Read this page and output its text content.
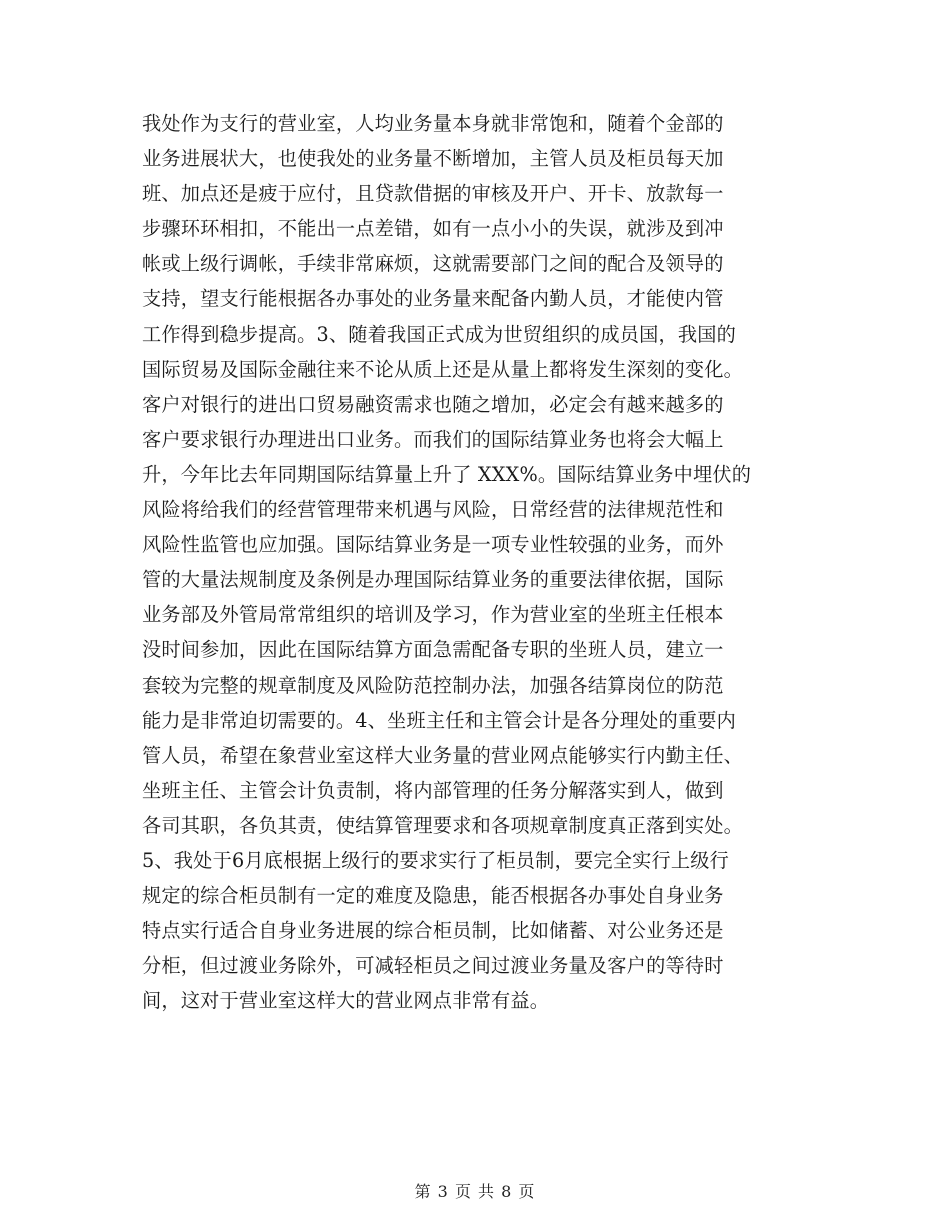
我处作为支行的营业室，人均业务量本身就非常饱和，随着个金部的
业务进展状大，也使我处的业务量不断增加，主管人员及柜员每天加
班、加点还是疲于应付，且贷款借据的审核及开户、开卡、放款每一
步骤环环相扣，不能出一点差错，如有一点小小的失误，就涉及到冲
帐或上级行调帐，手续非常麻烦，这就需要部门之间的配合及领导的
支持，望支行能根据各办事处的业务量来配备内勤人员，才能使内管
工作得到稳步提高。3、随着我国正式成为世贸组织的成员国，我国的
国际贸易及国际金融往来不论从质上还是从量上都将发生深刻的变化。
客户对银行的进出口贸易融资需求也随之增加，必定会有越来越多的
客户要求银行办理进出口业务。而我们的国际结算业务也将会大幅上
升，今年比去年同期国际结算量上升了 XXX%。国际结算业务中埋伏的
风险将给我们的经营管理带来机遇与风险，日常经营的法律规范性和
风险性监管也应加强。国际结算业务是一项专业性较强的业务，而外
管的大量法规制度及条例是办理国际结算业务的重要法律依据，国际
业务部及外管局常常组织的培训及学习，作为营业室的坐班主任根本
没时间参加，因此在国际结算方面急需配备专职的坐班人员，建立一
套较为完整的规章制度及风险防范控制办法，加强各结算岗位的防范
能力是非常迫切需要的。4、坐班主任和主管会计是各分理处的重要内
管人员，希望在象营业室这样大业务量的营业网点能够实行内勤主任、
坐班主任、主管会计负责制，将内部管理的任务分解落实到人，做到
各司其职，各负其责，使结算管理要求和各项规章制度真正落到实处。
5、我处于6月底根据上级行的要求实行了柜员制，要完全实行上级行
规定的综合柜员制有一定的难度及隐患，能否根据各办事处自身业务
特点实行适合自身业务进展的综合柜员制，比如储蓄、对公业务还是
分柜，但过渡业务除外，可减轻柜员之间过渡业务量及客户的等待时
间，这对于营业室这样大的营业网点非常有益。
第 3 页 共 8 页
